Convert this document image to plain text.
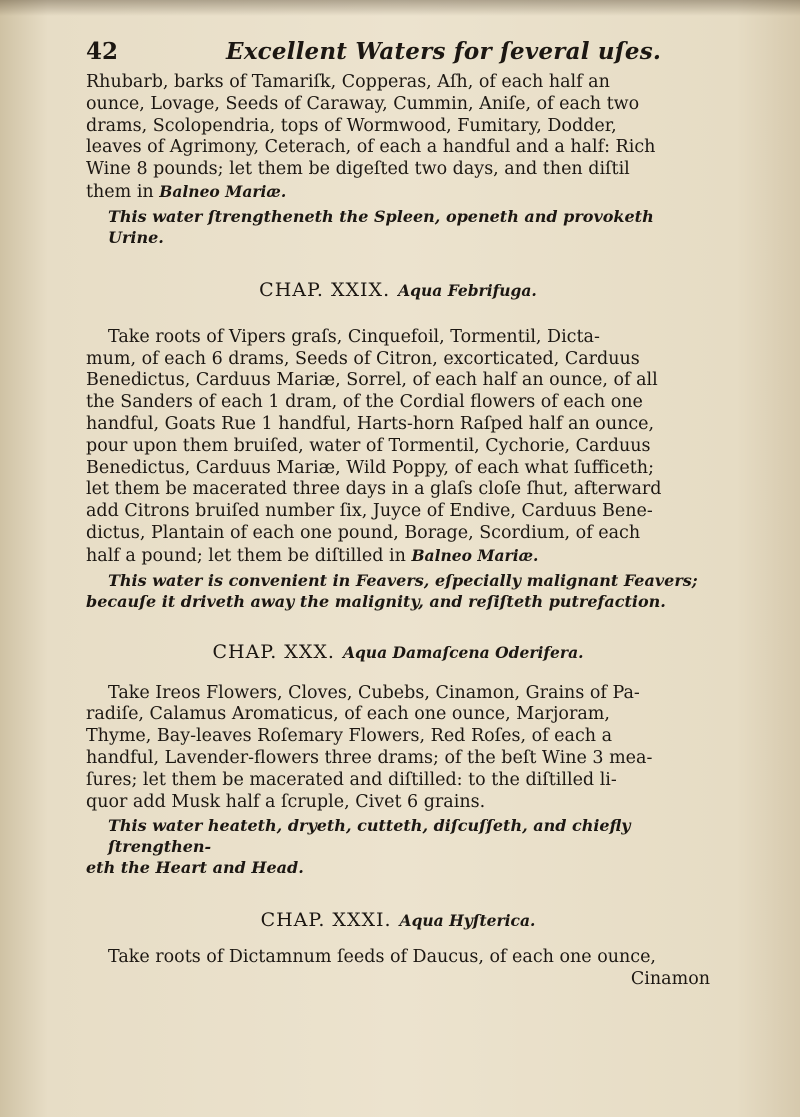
42	Excellent Waters for ſeveral uſes.
Rhubarb, barks of Tamariſk, Copperas, Aſh, of each half an
ounce, Lovage, Seeds of Caraway, Cummin, Aniſe, of each two
drams, Scolopendria, tops of Wormwood, Fumitary, Dodder,
leaves of Agrimony, Ceterach, of each a handful and a half: Rich
Wine 8 pounds; let them be digeſted two days, and then diſtil
them in Balneo Mariæ.

This water ſtrengtheneth the Spleen, openeth and provoketh Urine.

CHAP. XXIX. Aqua Febrifuga.

Take roots of Vipers graſs, Cinquefoil, Tormentil, Dicta-
mum, of each 6 drams, Seeds of Citron, excorticated, Carduus
Benedictus, Carduus Mariæ, Sorrel, of each half an ounce, of all
the Sanders of each 1 dram, of the Cordial flowers of each one
handful, Goats Rue 1 handful, Harts-horn Raſped half an ounce,
pour upon them bruiſed, water of Tormentil, Cychorie, Carduus
Benedictus, Carduus Mariæ, Wild Poppy, of each what ſufficeth;
let them be macerated three days in a glaſs cloſe ſhut, afterward
add Citrons bruiſed number ſix, Juyce of Endive, Carduus Bene-
dictus, Plantain of each one pound, Borage, Scordium, of each
half a pound; let them be diſtilled in Balneo Mariæ.

This water is convenient in Feavers, eſpecially malignant Feavers;

becauſe it driveth away the malignity, and reſiſteth putrefaction.

CHAP. XXX. Aqua Damaſcena Oderifera.

Take Ireos Flowers, Cloves, Cubebs, Cinamon, Grains of Pa-
radiſe, Calamus Aromaticus, of each one ounce, Marjoram,
Thyme, Bay-leaves Roſemary Flowers, Red Roſes, of each a
handful, Lavender-flowers three drams; of the beſt Wine 3 mea-
ſures; let them be macerated and diſtilled: to the diſtilled li-
quor add Musk half a ſcruple, Civet 6 grains.

This water heateth, dryeth, cutteth, diſcuſſeth, and chiefly ſtrengthen-

eth the Heart and Head.

CHAP. XXXI. Aqua Hyſterica.

Take roots of Dictamnum ſeeds of Daucus, of each one ounce,
Cinamon
